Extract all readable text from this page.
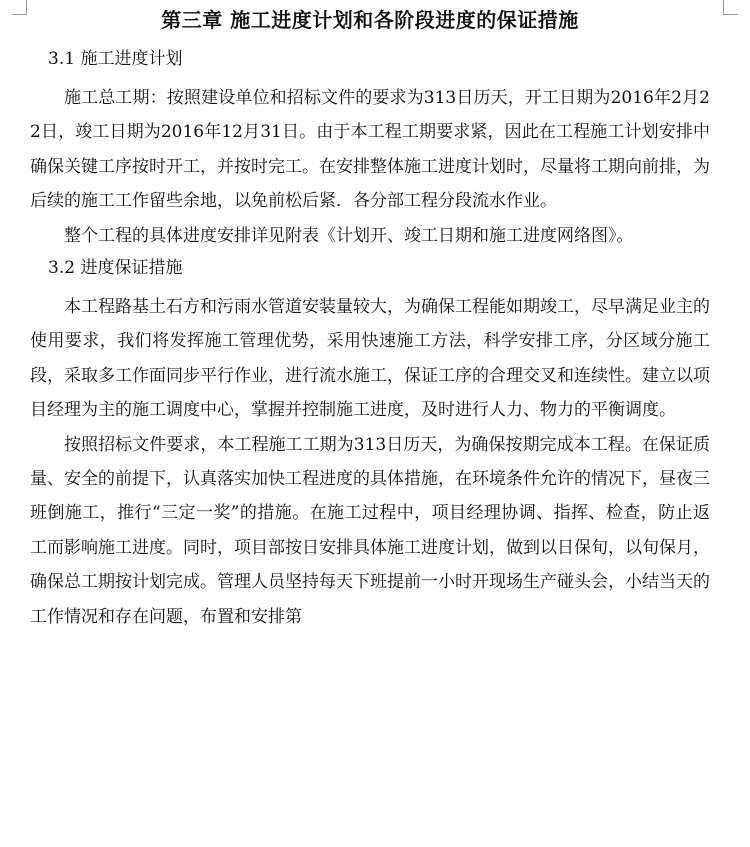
第三章 施工进度计划和各阶段进度的保证措施
3.1 施工进度计划

施工总工期：按照建设单位和招标文件的要求为313日历天，开工日期为2016年2月22日，竣工日期为2016年12月31日。由于本工程工期要求紧，因此在工程施工计划安排中确保关键工序按时开工，并按时完工。在安排整体施工进度计划时，尽量将工期向前排，为后续的施工工作留些余地，以免前松后紧．各分部工程分段流水作业。

整个工程的具体进度安排详见附表《计划开、竣工日期和施工进度网络图》。

3.2 进度保证措施

本工程路基土石方和污雨水管道安装量较大，为确保工程能如期竣工，尽早满足业主的使用要求，我们将发挥施工管理优势，采用快速施工方法，科学安排工序，分区域分施工段，采取多工作面同步平行作业，进行流水施工，保证工序的合理交叉和连续性。建立以项目经理为主的施工调度中心，掌握并控制施工进度，及时进行人力、物力的平衡调度。

按照招标文件要求，本工程施工工期为313日历天，为确保按期完成本工程。在保证质量、安全的前提下，认真落实加快工程进度的具体措施，在环境条件允许的情况下，昼夜三班倒施工，推行“三定一奖”的措施。在施工过程中，项目经理协调、指挥、检查，防止返工而影响施工进度。同时，项目部按日安排具体施工进度计划，做到以日保旬，以旬保月，确保总工期按计划完成。管理人员坚持每天下班提前一小时开现场生产碰头会，小结当天的工作情况和存在问题，布置和安排第
